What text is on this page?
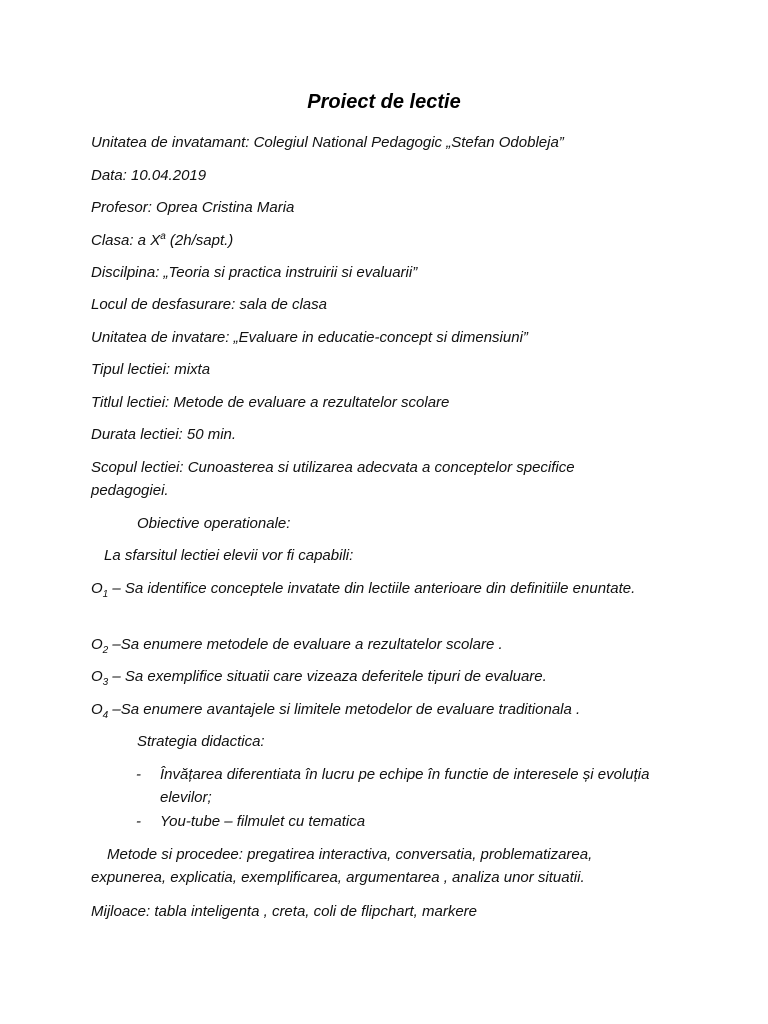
Proiect de lectie
Unitatea de invatamant: Colegiul National Pedagogic „Stefan Odobleja”
Data: 10.04.2019
Profesor: Oprea Cristina Maria
Clasa: a $X^a$ (2h/sapt.)
Discilpina: „Teoria si practica instruirii si evaluarii”
Locul de desfasurare: sala de clasa
Unitatea de invatare: „Evaluare in educatie-concept si dimensiuni”
Tipul lectiei: mixta
Titlul lectiei: Metode de evaluare a rezultatelor scolare
Durata lectiei: 50 min.
Scopul lectiei: Cunoasterea si utilizarea adecvata a conceptelor specifice pedagogiei.
Obiective operationale:
La sfarsitul lectiei elevii vor fi capabili:
$O_1$ – Sa identifice conceptele invatate din lectiile anterioare din definitiile enuntate.
$O_2$ –Sa enumere metodele de evaluare a rezultatelor scolare .
$O_3$ – Sa exemplifice situatii care vizeaza deferitele tipuri de evaluare.
$O_4$ –Sa enumere avantajele si limitele metodelor de evaluare traditionala .
Strategia didactica:
- Învățarea diferentiata în lucru pe echipe în functie de interesele și evoluția elevilor;
- You-tube – filmulet cu tematica
Metode si procedee: pregatirea interactiva, conversatia, problematizarea, expunerea, explicatia, exemplificarea, argumentarea , analiza unor situatii.
Mijloace: tabla inteligenta , creta, coli de flipchart, markere
